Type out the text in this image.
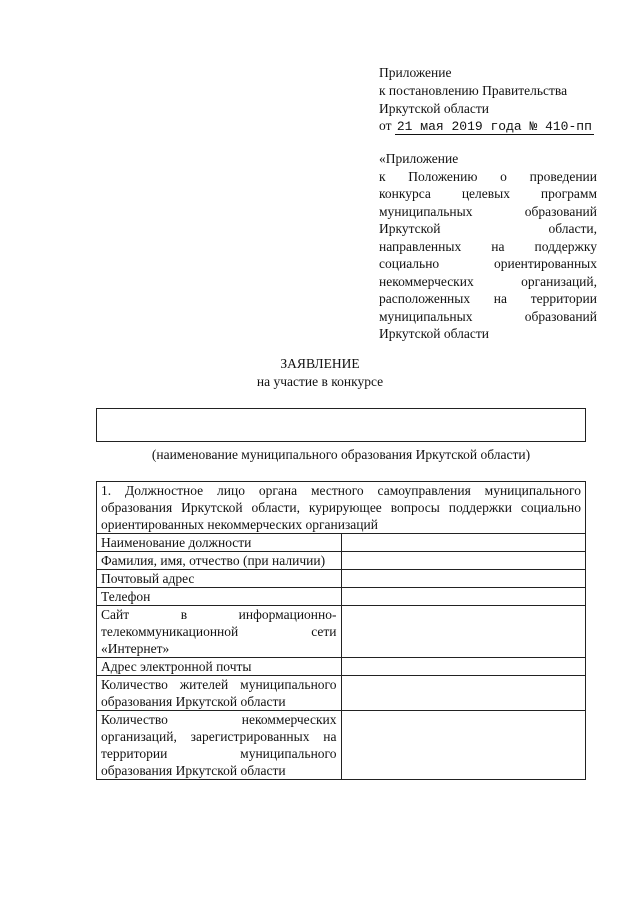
Приложение
к постановлению Правительства
Иркутской области
от 21 мая 2019 года № 410-пп
«Приложение
к Положению о проведении
конкурса целевых программ
муниципальных образований
Иркутской области,
направленных на поддержку
социально ориентированных
некоммерческих организаций,
расположенных на территории
муниципальных образований
Иркутской области
ЗАЯВЛЕНИЕ
на участие в конкурсе
(наименование муниципального образования Иркутской области)
1. Должностное лицо органа местного самоуправления муниципального образования Иркутской области, курирующее вопросы поддержки социально ориентированных некоммерческих организаций	
Наименование должности	
Фамилия, имя, отчество (при наличии)	
Почтовый адрес	
Телефон	
Сайт в информационно-телекоммуникационной сети «Интернет»	
Адрес электронной почты	
Количество жителей муниципального образования Иркутской области	
Количество некоммерческих организаций, зарегистрированных на территории муниципального образования Иркутской области	
